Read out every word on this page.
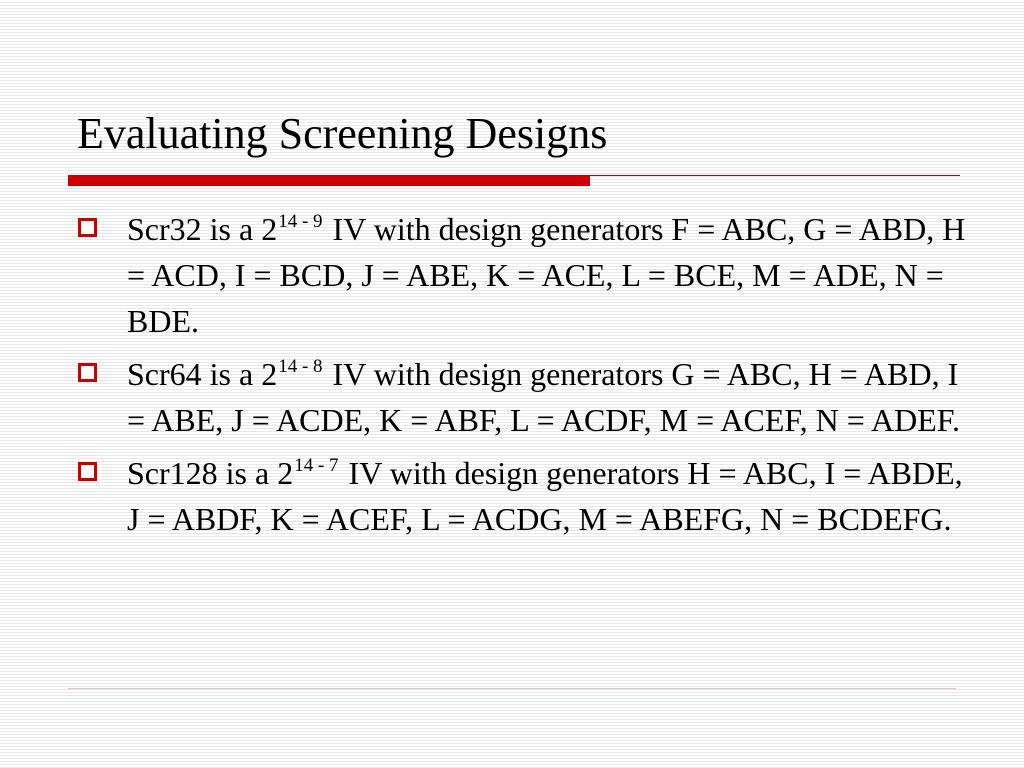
Evaluating Screening Designs
Scr32 is a 2$^{14 - 9}$ IV with design generators F = ABC, G = ABD, H = ACD, I = BCD, J = ABE, K = ACE, L = BCE, M = ADE, N = BDE.
Scr64 is a 2$^{14 - 8}$ IV with design generators G = ABC, H = ABD, I = ABE, J = ACDE, K = ABF, L = ACDF, M = ACEF, N = ADEF.
Scr128 is a 2$^{14 - 7}$ IV with design generators H = ABC, I = ABDE, J = ABDF, K = ACEF, L = ACDG, M = ABEFG, N = BCDEFG.
